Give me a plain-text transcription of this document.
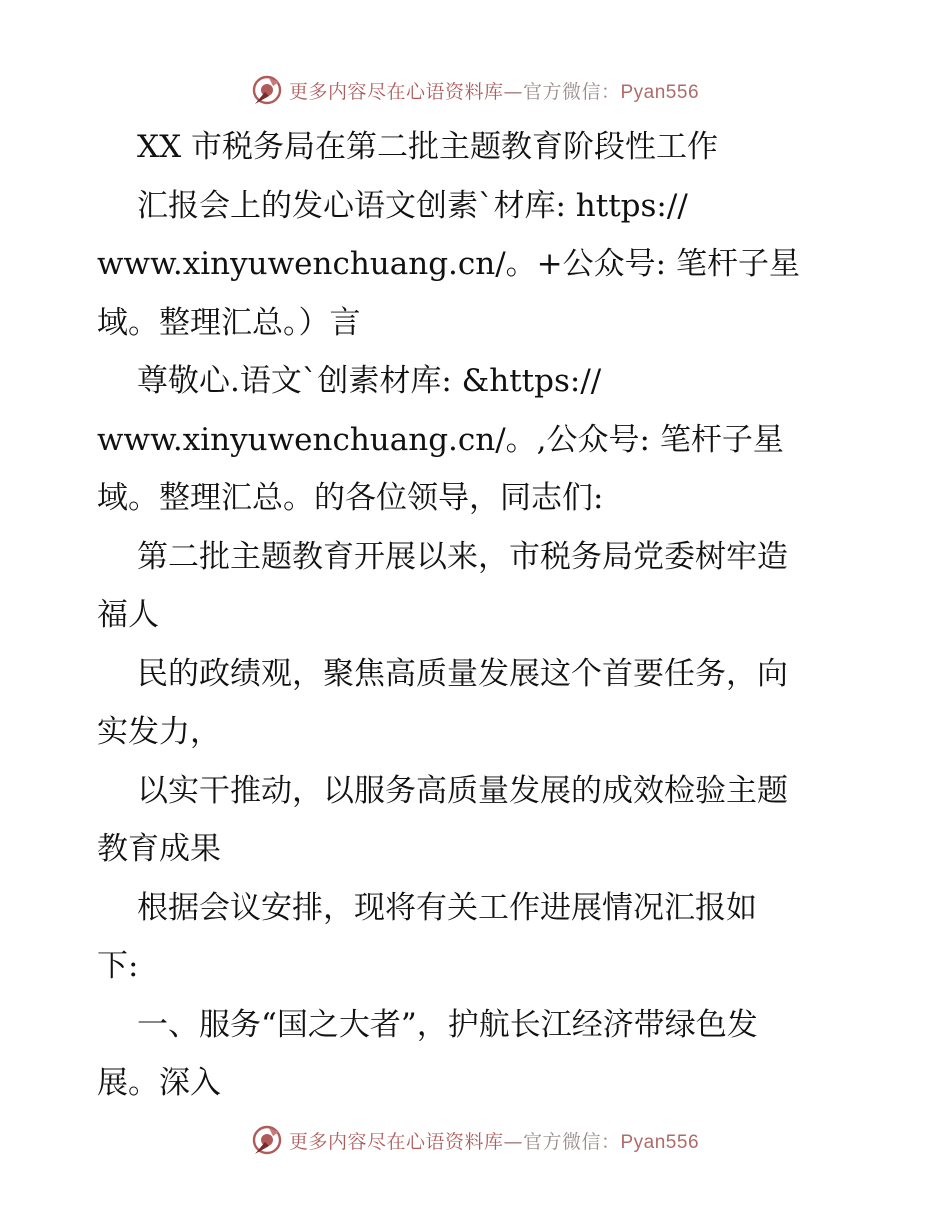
更多内容尽在心语资料库—官方微信：Pyan556
XX 市税务局在第二批主题教育阶段性工作
汇报会上的发心语文创素`材库: https://
www.xinyuwenchuang.cn/。+公众号: 笔杆子星
域。整理汇总。）言
尊敬心.语文`创素材库: &https://
www.xinyuwenchuang.cn/。,公众号: 笔杆子星
域。整理汇总。的各位领导，同志们:
第二批主题教育开展以来，市税务局党委树牢造
福人
民的政绩观，聚焦高质量发展这个首要任务，向
实发力，
以实干推动，以服务高质量发展的成效检验主题
教育成果
根据会议安排，现将有关工作进展情况汇报如
下:
一、服务“国之大者”，护航长江经济带绿色发
展。深入
更多内容尽在心语资料库—官方微信：Pyan556
